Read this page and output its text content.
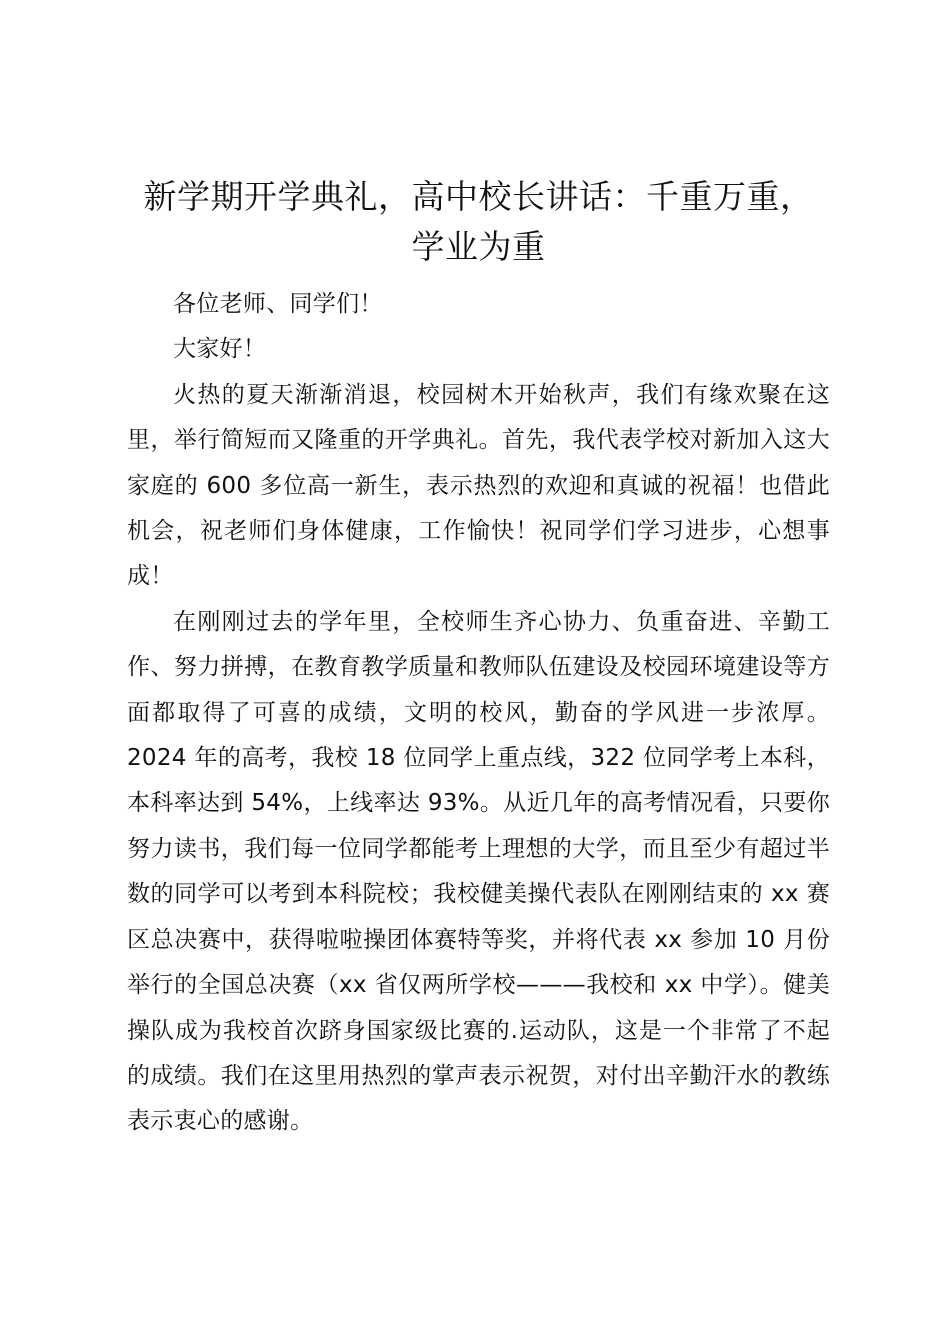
新学期开学典礼，高中校长讲话：千重万重，
学业为重

各位老师、同学们！

大家好！

火热的夏天渐渐消退，校园树木开始秋声，我们有缘欢聚在这里，举行简短而又隆重的开学典礼。首先，我代表学校对新加入这大家庭的 600 多位高一新生，表示热烈的欢迎和真诚的祝福！也借此机会，祝老师们身体健康，工作愉快！祝同学们学习进步，心想事成！

在刚刚过去的学年里，全校师生齐心协力、负重奋进、辛勤工作、努力拼搏，在教育教学质量和教师队伍建设及校园环境建设等方面都取得了可喜的成绩，文明的校风，勤奋的学风进一步浓厚。2024 年的高考，我校 18 位同学上重点线，322 位同学考上本科，本科率达到 54%，上线率达 93%。从近几年的高考情况看，只要你努力读书，我们每一位同学都能考上理想的大学，而且至少有超过半数的同学可以考到本科院校；我校健美操代表队在刚刚结束的 xx 赛区总决赛中，获得啦啦操团体赛特等奖，并将代表 xx 参加 10 月份举行的全国总决赛（xx 省仅两所学校———我校和 xx 中学）。健美操队成为我校首次跻身国家级比赛的.运动队，这是一个非常了不起的成绩。我们在这里用热烈的掌声表示祝贺，对付出辛勤汗水的教练表示衷心的感谢。
